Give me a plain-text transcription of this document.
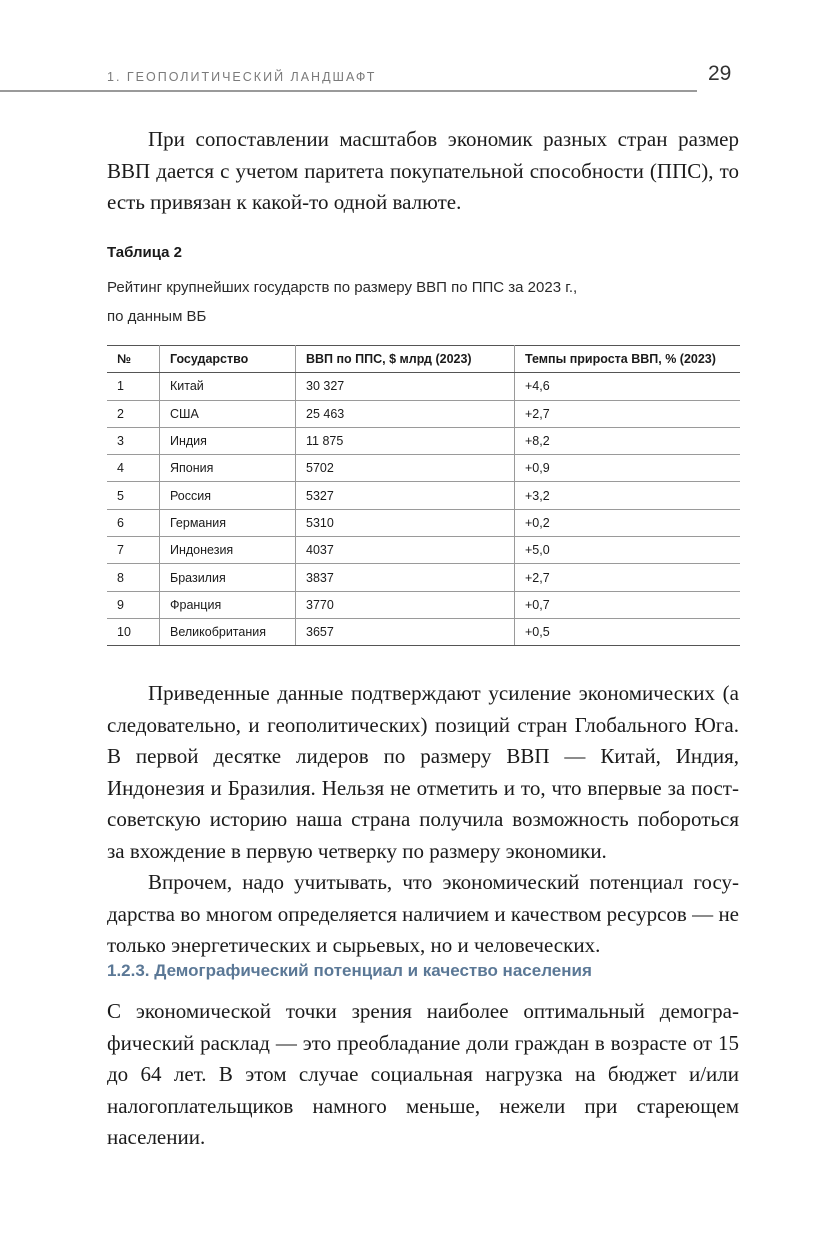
1. ГЕОПОЛИТИЧЕСКИЙ ЛАНДШАФТ	29

При сопоставлении масштабов экономик разных стран размер ВВП дается с учетом паритета покупательной способности (ППС), то есть привязан к какой-то одной валюте.

Таблица 2
Рейтинг крупнейших государств по размеру ВВП по ППС за 2023 г.,
по данным ВБ
№	Государство	ВВП по ППС, $ млрд (2023)	Темпы прироста ВВП, % (2023)
1	Китай	30 327	+4,6
2	США	25 463	+2,7
3	Индия	11 875	+8,2
4	Япония	5702	+0,9
5	Россия	5327	+3,2
6	Германия	5310	+0,2
7	Индонезия	4037	+5,0
8	Бразилия	3837	+2,7
9	Франция	3770	+0,7
10	Великобритания	3657	+0,5

Приведенные данные подтверждают усиление экономических (а следовательно, и геополитических) позиций стран Глобального Юга. В первой десятке лидеров по размеру ВВП — Китай, Индия, Индонезия и Бразилия. Нельзя не отметить и то, что впервые за постсоветскую историю наша страна получила возможность побороться за вхождение в первую четверку по размеру экономики.

Впрочем, надо учитывать, что экономический потенциал государства во многом определяется наличием и качеством ресурсов — не только энергетических и сырьевых, но и человеческих.

1.2.3. Демографический потенциал и качество населения

С экономической точки зрения наиболее оптимальный демографический расклад — это преобладание доли граждан в возрасте от 15 до 64 лет. В этом случае социальная нагрузка на бюджет и/или налогоплательщиков намного меньше, нежели при стареющем населении.
